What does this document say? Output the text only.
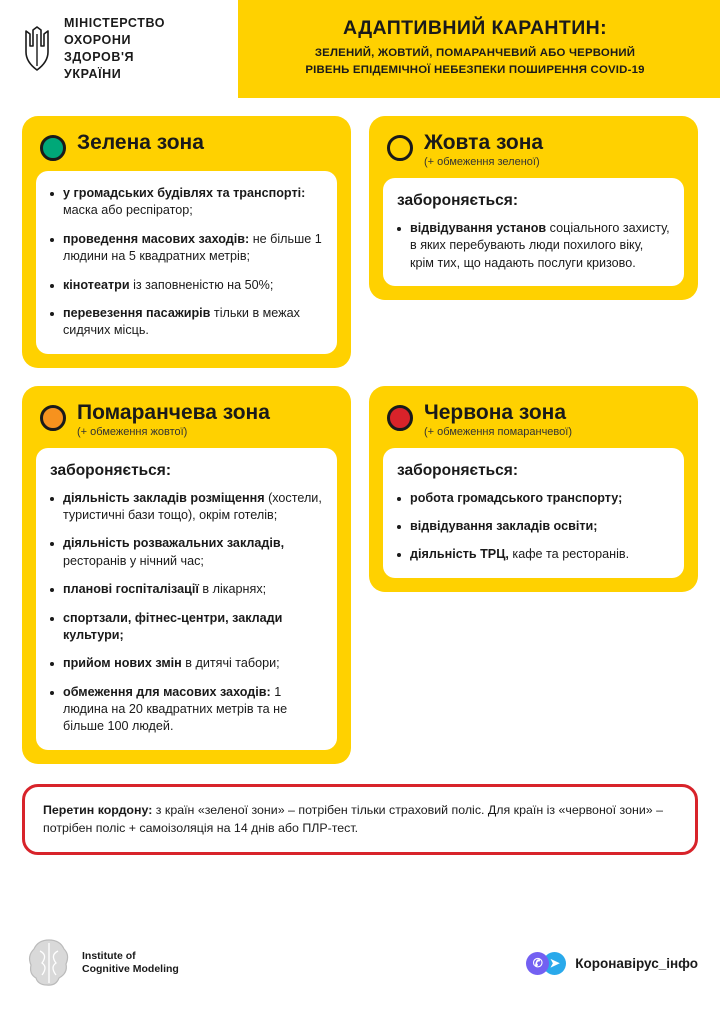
МІНІСТЕРСТВО
ОХОРОНИ
ЗДОРОВ'Я
УКРАЇНИ
АДАПТИВНИЙ КАРАНТИН:
ЗЕЛЕНИЙ, ЖОВТИЙ, ПОМАРАНЧЕВИЙ АБО ЧЕРВОНИЙ
РІВЕНЬ ЕПІДЕМІЧНОЇ НЕБЕЗПЕКИ ПОШИРЕННЯ COVID-19
Зелена зона
у громадських будівлях та транспорті: маска або респіратор;
проведення масових заходів: не більше 1 людини на 5 квадратних метрів;
кінотеатри із заповненістю на 50%;
перевезення пасажирів тільки в межах сидячих місць.
Жовта зона
(+ обмеження зеленої)

забороняється:

відвідування установ соціального захисту, в яких перебувають люди похилого віку, крім тих, що надають послуги кризово.
Помаранчева зона
(+ обмеження жовтої)

забороняється:

діяльність закладів розміщення (хостели, туристичні бази тощо), окрім готелів;
діяльність розважальних закладів, ресторанів у нічний час;
планові госпіталізації в лікарнях;
спортзали, фітнес-центри, заклади культури;
прийом нових змін в дитячі табори;
обмеження для масових заходів: 1 людина на 20 квадратних метрів та не більше 100 людей.
Червона зона
(+ обмеження помаранчевої)

забороняється:

робота громадського транспорту;
відвідування закладів освіти;
діяльність ТРЦ, кафе та ресторанів.
Перетин кордону: з країн «зеленої зони» – потрібен тільки страховий поліс. Для країн із «червоної зони» – потрібен поліс + самоізоляція на 14 днів або ПЛР-тест.
Institute of
Cognitive Modeling	✆ ➤	Коронавірус_інфо
